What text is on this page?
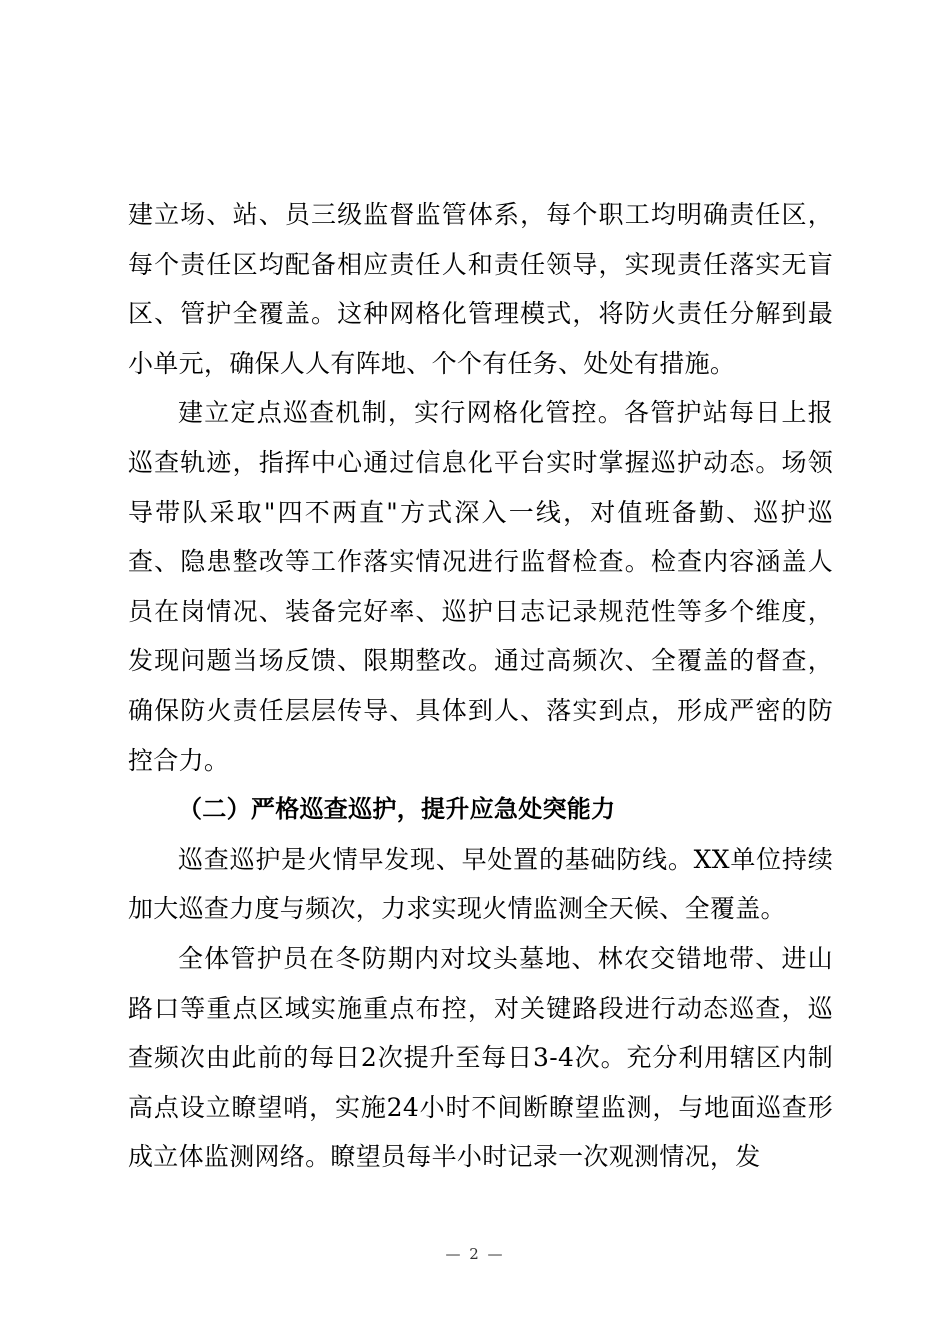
建立场、站、员三级监督监管体系，每个职工均明确责任区，每个责任区均配备相应责任人和责任领导，实现责任落实无盲区、管护全覆盖。这种网格化管理模式，将防火责任分解到最小单元，确保人人有阵地、个个有任务、处处有措施。

建立定点巡查机制，实行网格化管控。各管护站每日上报巡查轨迹，指挥中心通过信息化平台实时掌握巡护动态。场领导带队采取"四不两直"方式深入一线，对值班备勤、巡护巡查、隐患整改等工作落实情况进行监督检查。检查内容涵盖人员在岗情况、装备完好率、巡护日志记录规范性等多个维度，发现问题当场反馈、限期整改。通过高频次、全覆盖的督查，确保防火责任层层传导、具体到人、落实到点，形成严密的防控合力。

（二）严格巡查巡护，提升应急处突能力

巡查巡护是火情早发现、早处置的基础防线。XX单位持续加大巡查力度与频次，力求实现火情监测全天候、全覆盖。

全体管护员在冬防期内对坟头墓地、林农交错地带、进山路口等重点区域实施重点布控，对关键路段进行动态巡查，巡查频次由此前的每日2次提升至每日3-4次。充分利用辖区内制高点设立瞭望哨，实施24小时不间断瞭望监测，与地面巡查形成立体监测网络。瞭望员每半小时记录一次观测情况，发

— 2 —
